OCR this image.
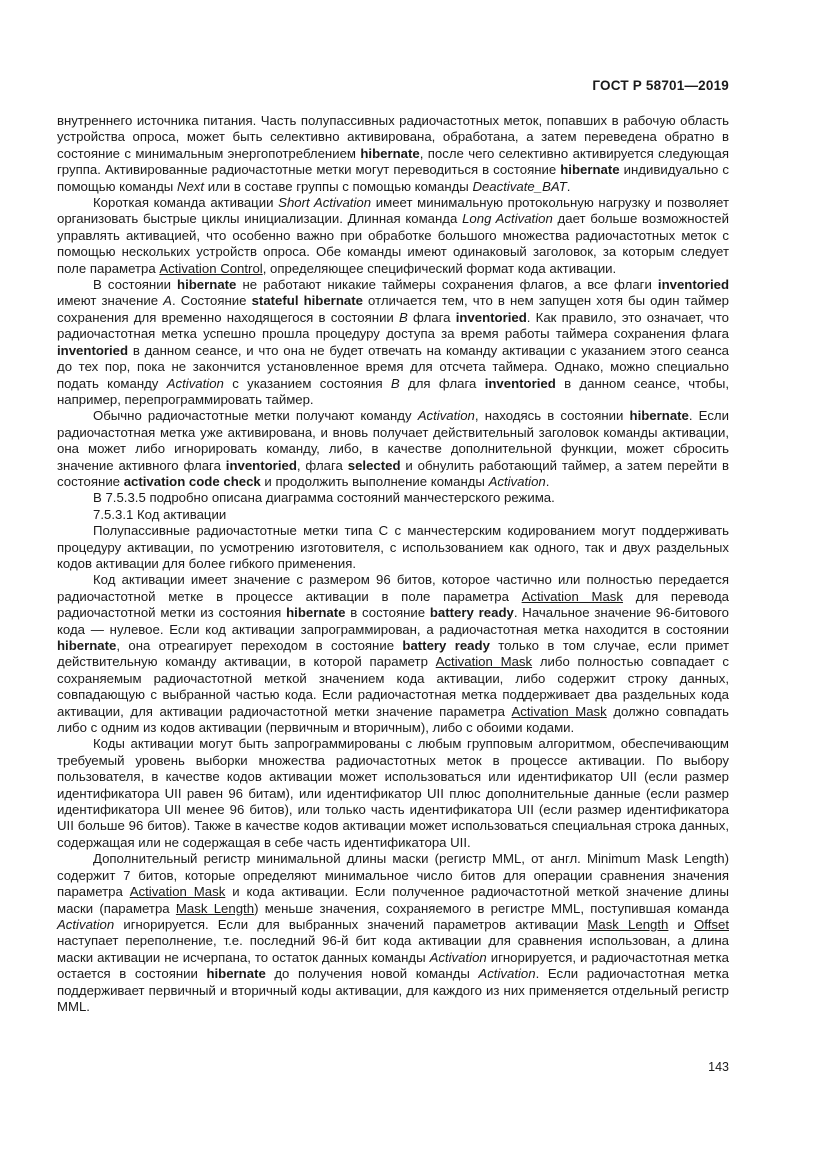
ГОСТ Р 58701—2019

внутреннего источника питания. Часть полупассивных радиочастотных меток, попавших в рабочую область устройства опроса, может быть селективно активирована, обработана, а затем переведена обратно в состояние с минимальным энергопотреблением hibernate, после чего селективно активируется следующая группа. Активированные радиочастотные метки могут переводиться в состояние hibernate индивидуально с помощью команды Next или в составе группы с помощью команды Deactivate_BAT.

Короткая команда активации Short Activation имеет минимальную протокольную нагрузку и позволяет организовать быстрые циклы инициализации. Длинная команда Long Activation дает больше возможностей управлять активацией, что особенно важно при обработке большого множества радиочастотных меток с помощью нескольких устройств опроса. Обе команды имеют одинаковый заголовок, за которым следует поле параметра Activation Control, определяющее специфический формат кода активации.

В состоянии hibernate не работают никакие таймеры сохранения флагов, а все флаги inventoried имеют значение A. Состояние stateful hibernate отличается тем, что в нем запущен хотя бы один таймер сохранения для временно находящегося в состоянии B флага inventoried. Как правило, это означает, что радиочастотная метка успешно прошла процедуру доступа за время работы таймера сохранения флага inventoried в данном сеансе, и что она не будет отвечать на команду активации с указанием этого сеанса до тех пор, пока не закончится установленное время для отсчета таймера. Однако, можно специально подать команду Activation с указанием состояния B для флага inventoried в данном сеансе, чтобы, например, перепрограммировать таймер.

Обычно радиочастотные метки получают команду Activation, находясь в состоянии hibernate. Если радиочастотная метка уже активирована, и вновь получает действительный заголовок команды активации, она может либо игнорировать команду, либо, в качестве дополнительной функции, может сбросить значение активного флага inventoried, флага selected и обнулить работающий таймер, а затем перейти в состояние activation code check и продолжить выполнение команды Activation.

В 7.5.3.5 подробно описана диаграмма состояний манчестерского режима.

7.5.3.1 Код активации

Полупассивные радиочастотные метки типа С с манчестерским кодированием могут поддерживать процедуру активации, по усмотрению изготовителя, с использованием как одного, так и двух раздельных кодов активации для более гибкого применения.

Код активации имеет значение с размером 96 битов, которое частично или полностью передается радиочастотной метке в процессе активации в поле параметра Activation Mask для перевода радиочастотной метки из состояния hibernate в состояние battery ready. Начальное значение 96-битового кода — нулевое. Если код активации запрограммирован, а радиочастотная метка находится в состоянии hibernate, она отреагирует переходом в состояние battery ready только в том случае, если примет действительную команду активации, в которой параметр Activation Mask либо полностью совпадает с сохраняемым радиочастотной меткой значением кода активации, либо содержит строку данных, совпадающую с выбранной частью кода. Если радиочастотная метка поддерживает два раздельных кода активации, для активации радиочастотной метки значение параметра Activation Mask должно совпадать либо с одним из кодов активации (первичным и вторичным), либо с обоими кодами.

Коды активации могут быть запрограммированы с любым групповым алгоритмом, обеспечивающим требуемый уровень выборки множества радиочастотных меток в процессе активации. По выбору пользователя, в качестве кодов активации может использоваться или идентификатор UII (если размер идентификатора UII равен 96 битам), или идентификатор UII плюс дополнительные данные (если размер идентификатора UII менее 96 битов), или только часть идентификатора UII (если размер идентификатора UII больше 96 битов). Также в качестве кодов активации может использоваться специальная строка данных, содержащая или не содержащая в себе часть идентификатора UII.

Дополнительный регистр минимальной длины маски (регистр MML, от англ. Minimum Mask Length) содержит 7 битов, которые определяют минимальное число битов для операции сравнения значения параметра Activation Mask и кода активации. Если полученное радиочастотной меткой значение длины маски (параметра Mask Length) меньше значения, сохраняемого в регистре MML, поступившая команда Activation игнорируется. Если для выбранных значений параметров активации Mask Length и Offset наступает переполнение, т.е. последний 96-й бит кода активации для сравнения использован, а длина маски активации не исчерпана, то остаток данных команды Activation игнорируется, и радиочастотная метка остается в состоянии hibernate до получения новой команды Activation. Если радиочастотная метка поддерживает первичный и вторичный коды активации, для каждого из них применяется отдельный регистр MML.

143
